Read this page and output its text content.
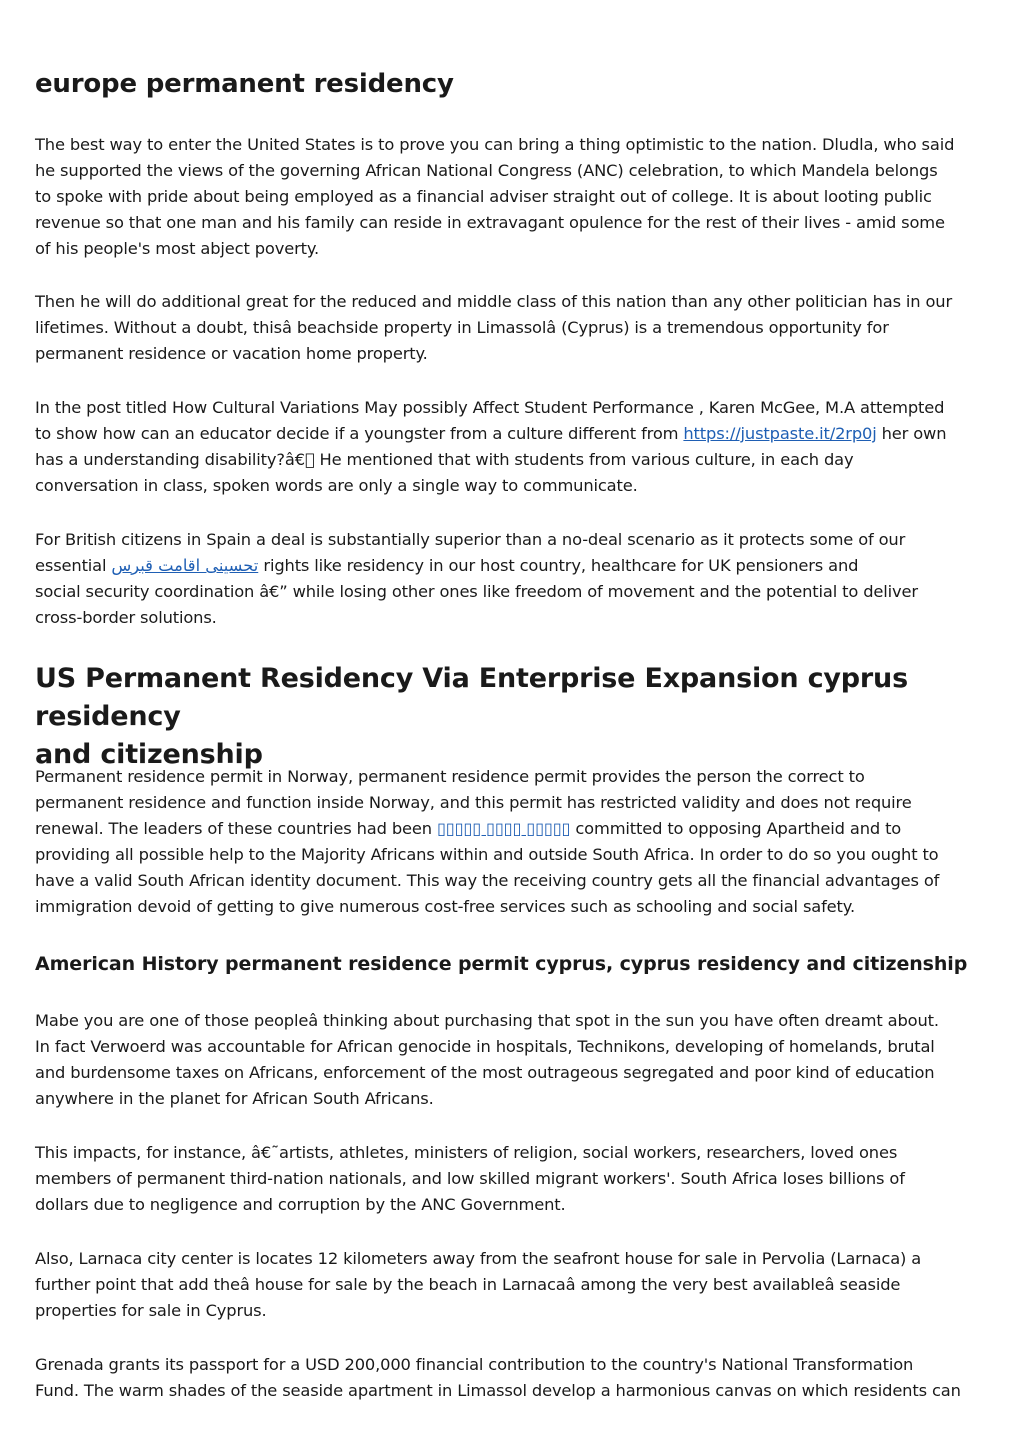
europe permanent residency

The best way to enter the United States is to prove you can bring a thing optimistic to the nation. Dludla, who said
he supported the views of the governing African National Congress (ANC) celebration, to which Mandela belongs
to spoke with pride about being employed as a financial adviser straight out of college. It is about looting public
revenue so that one man and his family can reside in extravagant opulence for the rest of their lives - amid some
of his people's most abject poverty.

Then he will do additional great for the reduced and middle class of this nation than any other politician has in our
lifetimes. Without a doubt, thisâ beachside property in Limassolâ (Cyprus) is a tremendous opportunity for
permanent residence or vacation home property.

In the post titled How Cultural Variations May possibly Affect Student Performance , Karen McGee, M.A attempted
to show how can an educator decide if a youngster from a culture different from https://justpaste.it/2rp0j her own
has a understanding disability?â€  He mentioned that with students from various culture, in each day
conversation in class, spoken words are only a single way to communicate.

For British citizens in Spain a deal is substantially superior than a no-deal scenario as it protects some of our
essential تحسینی اقامت قبرس rights like residency in our host country, healthcare for UK pensioners and
social security coordination â€” while losing other ones like freedom of movement and the potential to deliver
cross-border solutions.

US Permanent Residency Via Enterprise Expansion cyprus residency
and citizenship

Permanent residence permit in Norway, permanent residence permit provides the person the correct to
permanent residence and function inside Norway, and this permit has restricted validity and does not require
renewal. The leaders of these countries had been ▯▯▯▯▯ ▯▯▯▯ ▯▯▯▯▯ committed to opposing Apartheid and to
providing all possible help to the Majority Africans within and outside South Africa. In order to do so you ought to
have a valid South African identity document. This way the receiving country gets all the financial advantages of
immigration devoid of getting to give numerous cost-free services such as schooling and social safety.

American History permanent residence permit cyprus, cyprus residency and citizenship

Mabe you are one of those peopleâ thinking about purchasing that spot in the sun you have often dreamt about.
In fact Verwoerd was accountable for African genocide in hospitals, Technikons, developing of homelands, brutal
and burdensome taxes on Africans, enforcement of the most outrageous segregated and poor kind of education
anywhere in the planet for African South Africans.

This impacts, for instance, â€˜artists, athletes, ministers of religion, social workers, researchers, loved ones
members of permanent third-nation nationals, and low skilled migrant workers'. South Africa loses billions of
dollars due to negligence and corruption by the ANC Government.

Also, Larnaca city center is locates 12 kilometers away from the seafront house for sale in Pervolia (Larnaca) a
further point that add theâ house for sale by the beach in Larnacaâ among the very best availableâ seaside
properties for sale in Cyprus.

Grenada grants its passport for a USD 200,000 financial contribution to the country's National Transformation
Fund. The warm shades of the seaside apartment in Limassol develop a harmonious canvas on which residents can
